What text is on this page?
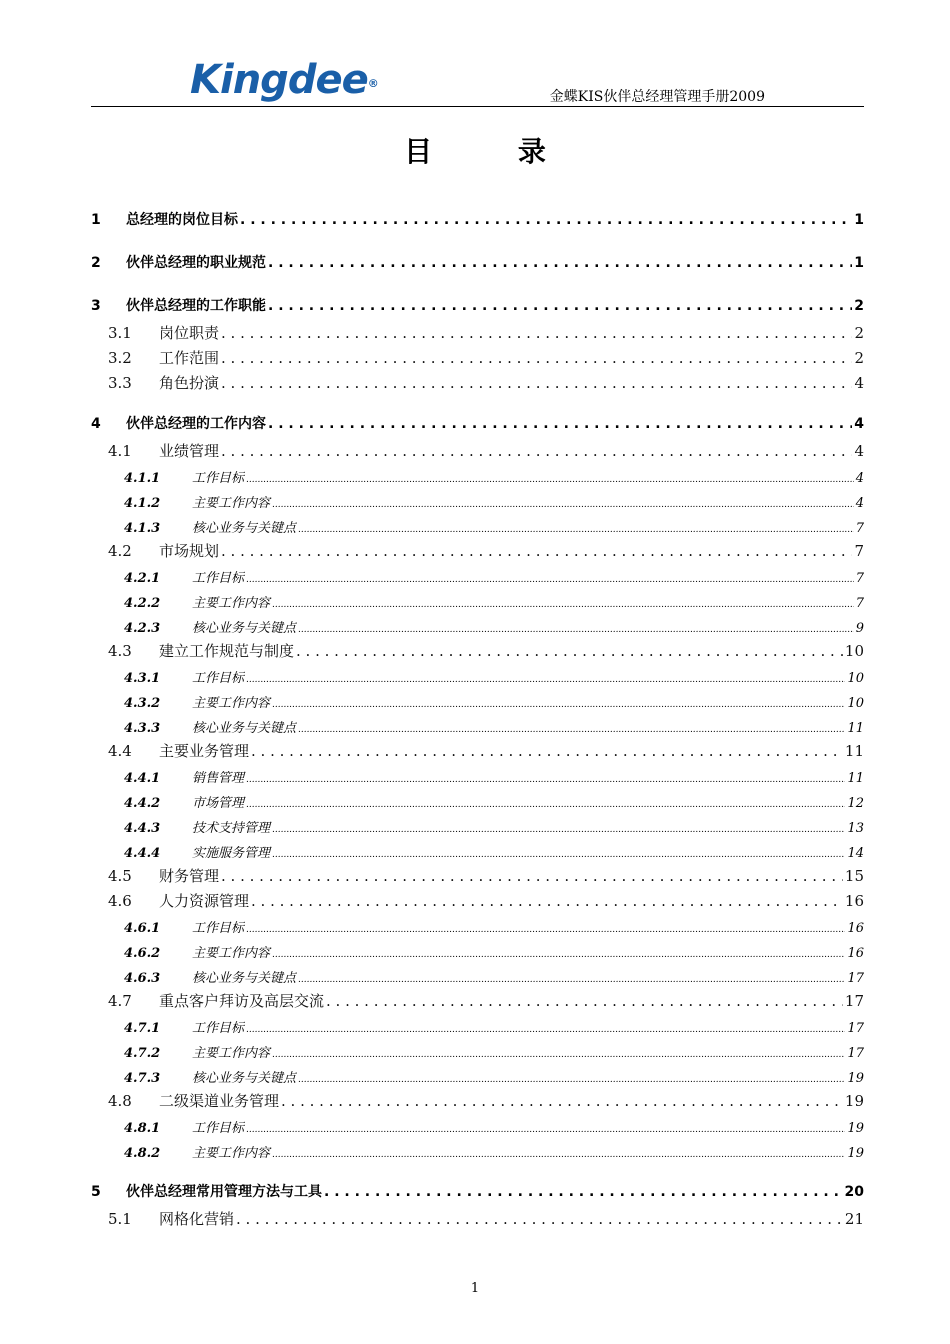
Kingdee®
金蝶KIS伙伴总经理管理手册2009
目 录
1	总经理的岗位目标 . . .	1
2	伙伴总经理的职业规范 . . .	1
3	伙伴总经理的工作职能 . . .	2
3.1	岗位职责 . . .	2
3.2	工作范围 . . .	2
3.3	角色扮演 . . .	4
4	伙伴总经理的工作内容 . . .	4
4.1	业绩管理 . . .	4
4.1.1	工作目标 .....	4
4.1.2	主要工作内容 .....	4
4.1.3	核心业务与关键点 .....	7
4.2	市场规划 . . .	7
4.2.1	工作目标 .....	7
4.2.2	主要工作内容 .....	7
4.2.3	核心业务与关键点 .....	9
4.3	建立工作规范与制度 . . .	10
4.3.1	工作目标 .....	10
4.3.2	主要工作内容 .....	10
4.3.3	核心业务与关键点 .....	11
4.4	主要业务管理 . . .	11
4.4.1	销售管理 .....	11
4.4.2	市场管理 .....	12
4.4.3	技术支持管理 .....	13
4.4.4	实施服务管理 .....	14
4.5	财务管理 . . .	15
4.6	人力资源管理 . . .	16
4.6.1	工作目标 .....	16
4.6.2	主要工作内容 .....	16
4.6.3	核心业务与关键点 .....	17
4.7	重点客户拜访及高层交流 . . .	17
4.7.1	工作目标 .....	17
4.7.2	主要工作内容 .....	17
4.7.3	核心业务与关键点 .....	19
4.8	二级渠道业务管理 . . .	19
4.8.1	工作目标 .....	19
4.8.2	主要工作内容 .....	19
5	伙伴总经理常用管理方法与工具 . . .	20
5.1	网格化营销 . . .	21
1
